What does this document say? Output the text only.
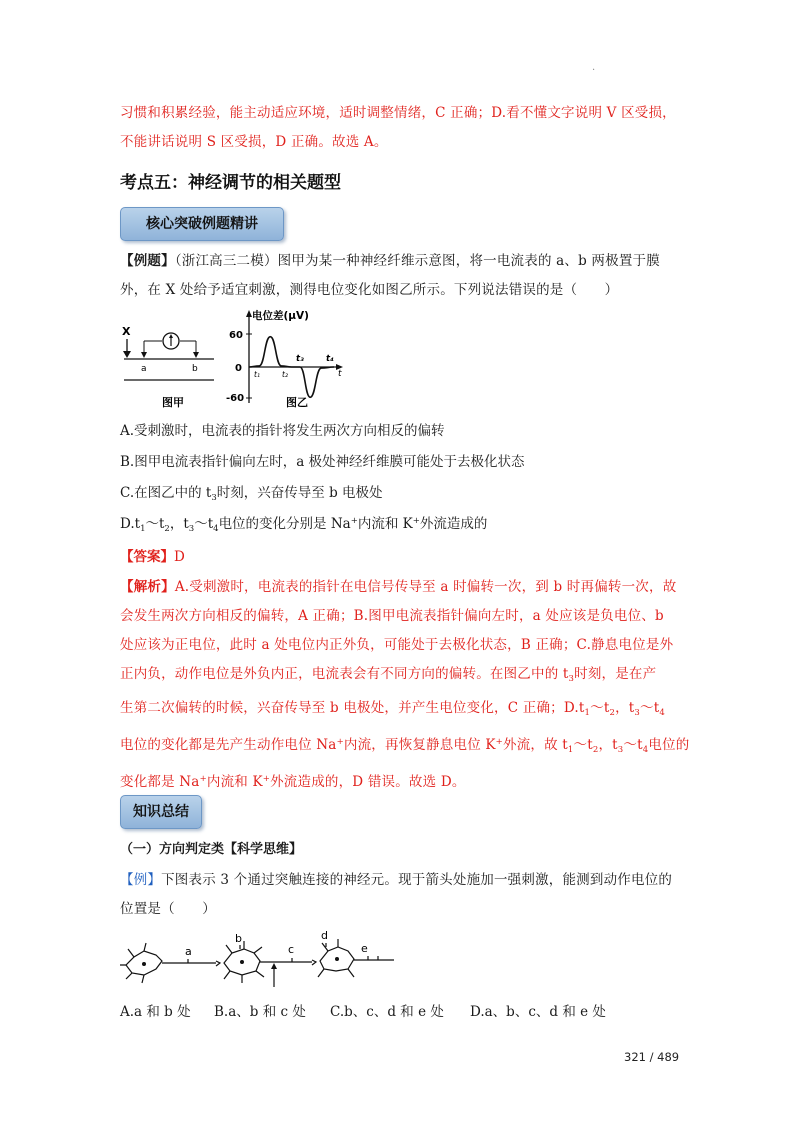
.
习惯和积累经验，能主动适应环境，适时调整情绪，C 正确；D.看不懂文字说明 V 区受损，
不能讲话说明 S 区受损，D 正确。故选 A。
考点五：神经调节的相关题型
核心突破例题精讲
【例题】（浙江高三二模）图甲为某一种神经纤维示意图，将一电流表的 a、b 两极置于膜
外，在 X 处给予适宜刺激，测得电位变化如图乙所示。下列说法错误的是（　　）
X
a	b
图甲
电位差(μV)
60
0
-60
t₁	t₂
t₃	t₄
t
图乙
A.受刺激时，电流表的指针将发生两次方向相反的偏转
B.图甲电流表指针偏向左时，a 极处神经纤维膜可能处于去极化状态
C.在图乙中的 $t_3$时刻，兴奋传导至 b 电极处
$D.t_1\sim t_2$，$t_3\sim t_4$电位的变化分别是 Na+内流和 K+外流造成的
【答案】D
【解析】A.受刺激时，电流表的指针在电信号传导至 a 时偏转一次，到 b 时再偏转一次，故
会发生两次方向相反的偏转，A 正确；B.图甲电流表指针偏向左时，a 处应该是负电位、b
处应该为正电位，此时 a 处电位内正外负，可能处于去极化状态，B 正确；C.静息电位是外
正内负，动作电位是外负内正，电流表会有不同方向的偏转。在图乙中的 $t_3$时刻，是在产
生第二次偏转的时候，兴奋传导至 b 电极处，并产生电位变化，C 正确；$D.t_1\sim t_2$，$t_3\sim t_4$
电位的变化都是先产生动作电位 Na+内流，再恢复静息电位 K+外流，故 $t_1\sim t_2$，$t_3\sim t_4$电位的
变化都是 Na+内流和 K+外流造成的，D 错误。故选 D。
知识总结
（一）方向判定类【科学思维】
【例】下图表示 3 个通过突触连接的神经元。现于箭头处施加一强刺激，能测到动作电位的
位置是（　　）
a
b
c
d
e
A.a 和 b 处 B.a、b 和 c 处 C.b、c、d 和 e 处 D.a、b、c、d 和 e 处
321 / 489
